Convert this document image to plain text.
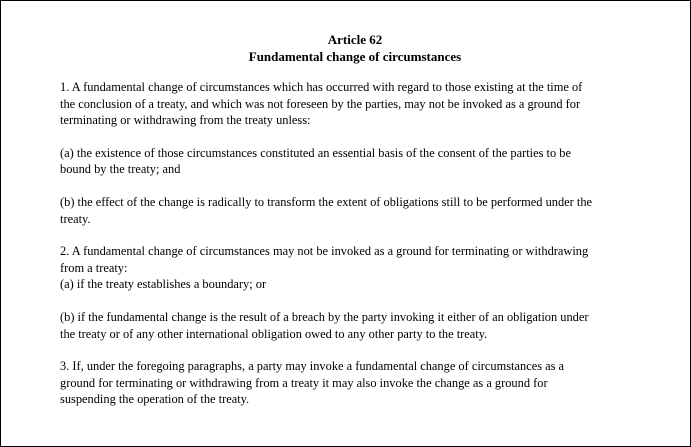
Article 62
Fundamental change of circumstances

1. A fundamental change of circumstances which has occurred with regard to those existing at the time of
the conclusion of a treaty, and which was not foreseen by the parties, may not be invoked as a ground for
terminating or withdrawing from the treaty unless:

(a) the existence of those circumstances constituted an essential basis of the consent of the parties to be
bound by the treaty; and

(b) the effect of the change is radically to transform the extent of obligations still to be performed under the
treaty.

2. A fundamental change of circumstances may not be invoked as a ground for terminating or withdrawing
from a treaty:
(a) if the treaty establishes a boundary; or

(b) if the fundamental change is the result of a breach by the party invoking it either of an obligation under
the treaty or of any other international obligation owed to any other party to the treaty.

3. If, under the foregoing paragraphs, a party may invoke a fundamental change of circumstances as a
ground for terminating or withdrawing from a treaty it may also invoke the change as a ground for
suspending the operation of the treaty.
